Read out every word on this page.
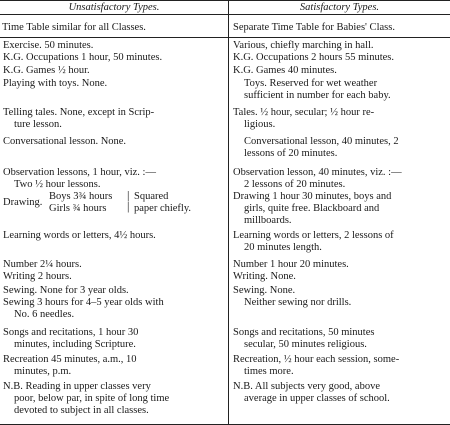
Unsatisfactory Types.	Satisfactory Types.
Time Table similar for all Classes.	Separate Time Table for Babies' Class.
Exercise. 50 minutes.
K.G. Occupations 1 hour, 50 minutes.
K.G. Games ½ hour.
Playing with toys. None.
Telling tales. None, except in Scrip-
ture lesson.
Conversational lesson. None.
Observation lessons, 1 hour, viz. :—
Two ½ hour lessons.
Drawing.
Boys 3¾ hours
Girls ¾ hours
|
|
Squared
paper chiefly.
Learning words or letters, 4½ hours.
Number 2¼ hours.
Writing 2 hours.
Sewing. None for 3 year olds.
Sewing 3 hours for 4–5 year olds with
No. 6 needles.
Songs and recitations, 1 hour 30
minutes, including Scripture.
Recreation 45 minutes, a.m., 10
minutes, p.m.
N.B. Reading in upper classes very
poor, below par, in spite of long time
devoted to subject in all classes.
Various, chiefly marching in hall.
K.G. Occupations 2 hours 55 minutes.
K.G. Games 40 minutes.
Toys. Reserved for wet weather
sufficient in number for each baby.
Tales. ½ hour, secular; ½ hour re-
ligious.
Conversational lesson, 40 minutes, 2
lessons of 20 minutes.
Observation lesson, 40 minutes, viz. :—
2 lessons of 20 minutes.
Drawing 1 hour 30 minutes, boys and
girls, quite free. Blackboard and
millboards.
Learning words or letters, 2 lessons of
20 minutes length.
Number 1 hour 20 minutes.
Writing. None.
Sewing. None.
Neither sewing nor drills.
Songs and recitations, 50 minutes
secular, 50 minutes religious.
Recreation, ½ hour each session, some-
times more.
N.B. All subjects very good, above
average in upper classes of school.
